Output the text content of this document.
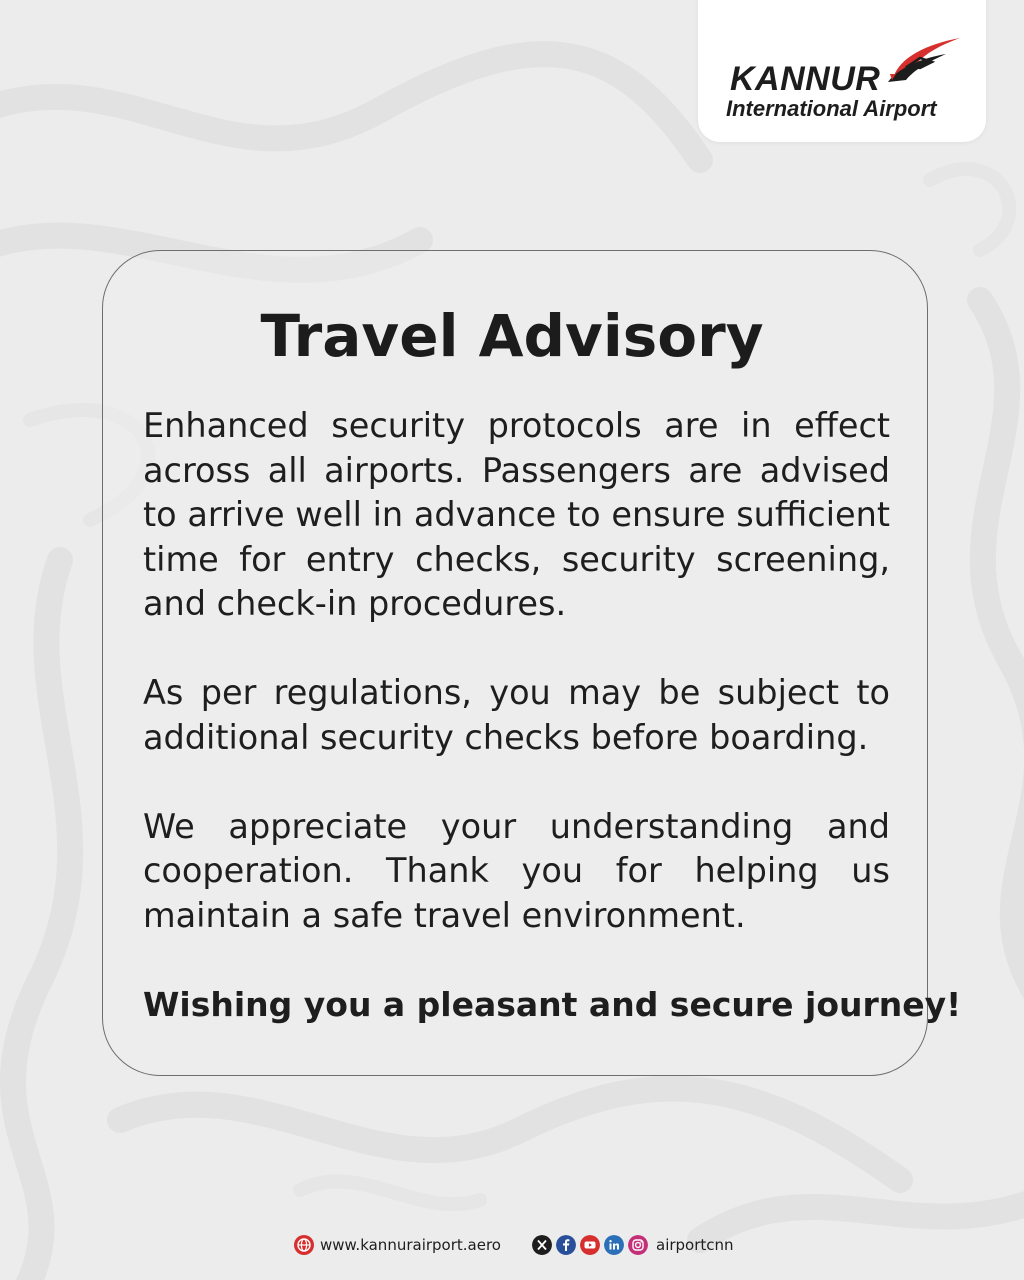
KANNUR
International Airport
Travel Advisory

Enhanced security protocols are in effect across all airports. Passengers are advised to arrive well in advance to ensure sufficient time for entry checks, security screening, and check-in procedures.

As per regulations, you may be subject to additional security checks before boarding.

We appreciate your understanding and cooperation. Thank you for helping us maintain a safe travel environment.

Wishing you a pleasant and secure journey!

www.kannurairport.aero	airportcnn
